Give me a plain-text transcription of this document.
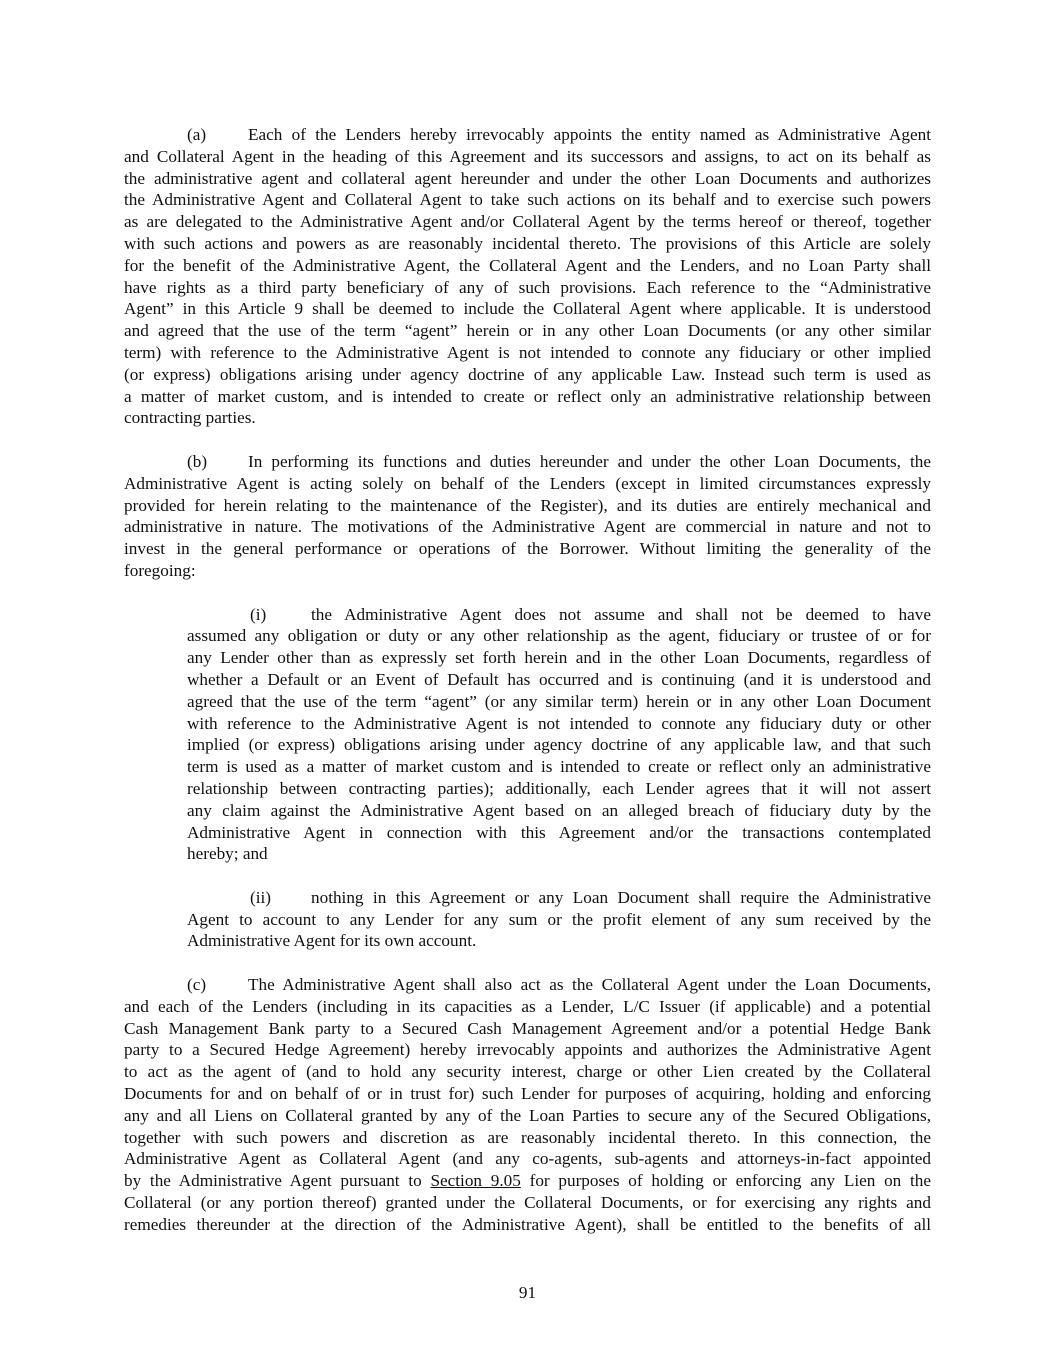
(a)	Each of the Lenders hereby irrevocably appoints the entity named as Administrative Agent
and Collateral Agent in the heading of this Agreement and its successors and assigns, to act on its behalf as
the administrative agent and collateral agent hereunder and under the other Loan Documents and authorizes
the Administrative Agent and Collateral Agent to take such actions on its behalf and to exercise such powers
as are delegated to the Administrative Agent and/or Collateral Agent by the terms hereof or thereof, together
with such actions and powers as are reasonably incidental thereto. The provisions of this Article are solely
for the benefit of the Administrative Agent, the Collateral Agent and the Lenders, and no Loan Party shall
have rights as a third party beneficiary of any of such provisions. Each reference to the “Administrative
Agent” in this Article 9 shall be deemed to include the Collateral Agent where applicable. It is understood
and agreed that the use of the term “agent” herein or in any other Loan Documents (or any other similar
term) with reference to the Administrative Agent is not intended to connote any fiduciary or other implied
(or express) obligations arising under agency doctrine of any applicable Law. Instead such term is used as
a matter of market custom, and is intended to create or reflect only an administrative relationship between
contracting parties.
(b)	In performing its functions and duties hereunder and under the other Loan Documents, the
Administrative Agent is acting solely on behalf of the Lenders (except in limited circumstances expressly
provided for herein relating to the maintenance of the Register), and its duties are entirely mechanical and
administrative in nature. The motivations of the Administrative Agent are commercial in nature and not to
invest in the general performance or operations of the Borrower. Without limiting the generality of the
foregoing:
(i)	the Administrative Agent does not assume and shall not be deemed to have
assumed any obligation or duty or any other relationship as the agent, fiduciary or trustee of or for
any Lender other than as expressly set forth herein and in the other Loan Documents, regardless of
whether a Default or an Event of Default has occurred and is continuing (and it is understood and
agreed that the use of the term “agent” (or any similar term) herein or in any other Loan Document
with reference to the Administrative Agent is not intended to connote any fiduciary duty or other
implied (or express) obligations arising under agency doctrine of any applicable law, and that such
term is used as a matter of market custom and is intended to create or reflect only an administrative
relationship between contracting parties); additionally, each Lender agrees that it will not assert
any claim against the Administrative Agent based on an alleged breach of fiduciary duty by the
Administrative Agent in connection with this Agreement and/or the transactions contemplated
hereby; and
(ii)	nothing in this Agreement or any Loan Document shall require the Administrative
Agent to account to any Lender for any sum or the profit element of any sum received by the
Administrative Agent for its own account.
(c)	The Administrative Agent shall also act as the Collateral Agent under the Loan Documents,
and each of the Lenders (including in its capacities as a Lender, L/C Issuer (if applicable) and a potential
Cash Management Bank party to a Secured Cash Management Agreement and/or a potential Hedge Bank
party to a Secured Hedge Agreement) hereby irrevocably appoints and authorizes the Administrative Agent
to act as the agent of (and to hold any security interest, charge or other Lien created by the Collateral
Documents for and on behalf of or in trust for) such Lender for purposes of acquiring, holding and enforcing
any and all Liens on Collateral granted by any of the Loan Parties to secure any of the Secured Obligations,
together with such powers and discretion as are reasonably incidental thereto. In this connection, the
Administrative Agent as Collateral Agent (and any co-agents, sub-agents and attorneys-in-fact appointed
by the Administrative Agent pursuant to Section 9.05 for purposes of holding or enforcing any Lien on the
Collateral (or any portion thereof) granted under the Collateral Documents, or for exercising any rights and
remedies thereunder at the direction of the Administrative Agent), shall be entitled to the benefits of all
91
